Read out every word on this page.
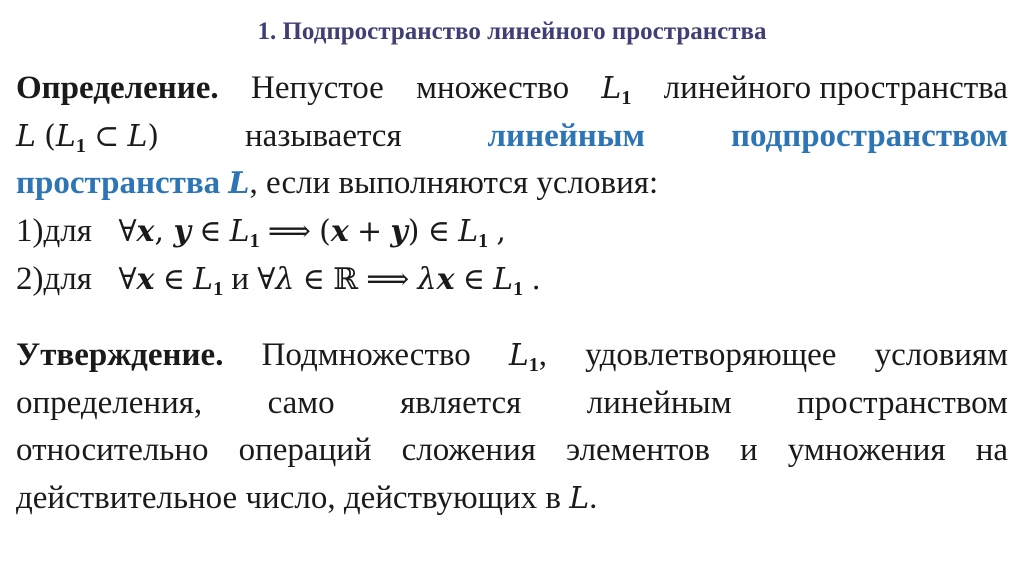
1. Подпространство линейного пространства
Определение. Непустое множество $L_1$ линейного пространства
L ($L_1$ ⊂ L)	называется	линейным	подпространством
пространства L, если выполняются условия:
1)для ∀x, y ∈ $L_1$ ⟹ (x + y) ∈ $L_1$ ,
2)для ∀x ∈ $L_1$ и ∀λ ∈ ℝ ⟹ λx ∈ $L_1$ .
Утверждение. Подмножество $L_1$, удовлетворяющее условиям
определения, само является линейным пространством
относительно операций сложения элементов и умножения на
действительное число, действующих в L.
